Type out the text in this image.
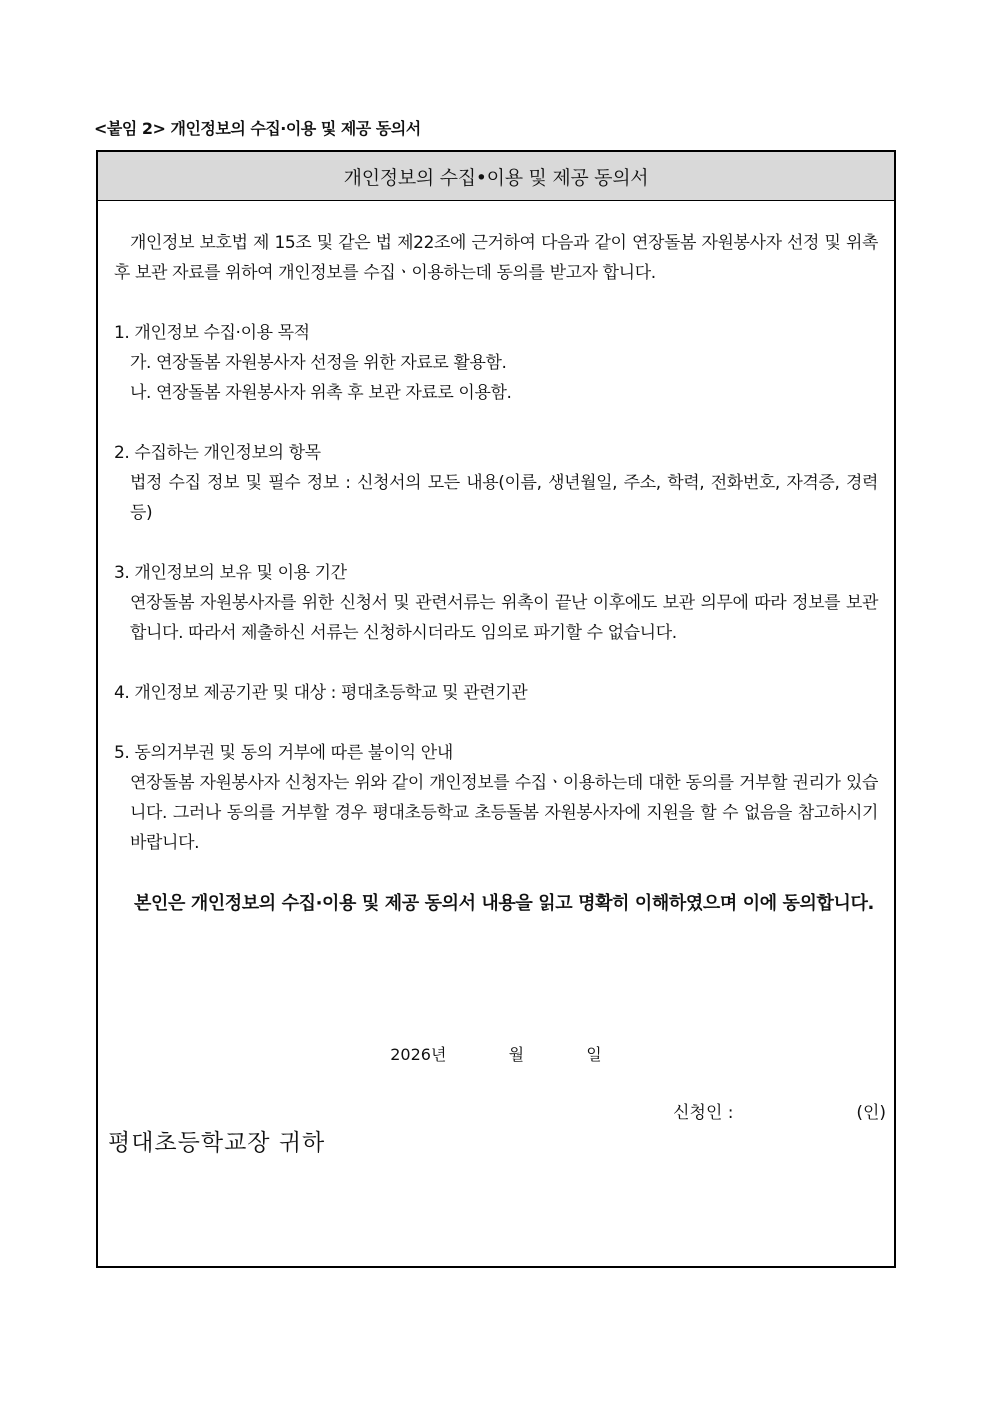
<붙임 2> 개인정보의 수집·이용 및 제공 동의서
개인정보의 수집•이용 및 제공 동의서

개인정보 보호법 제 15조 및 같은 법 제22조에 근거하여 다음과 같이 연장돌봄 자원봉사자 선정 및 위촉 후 보관 자료를 위하여 개인정보를 수집ㆍ이용하는데 동의를 받고자 합니다.

1. 개인정보 수집·이용 목적

가. 연장돌봄 자원봉사자 선정을 위한 자료로 활용함.

나. 연장돌봄 자원봉사자 위촉 후 보관 자료로 이용함.

2. 수집하는 개인정보의 항목

법정 수집 정보 및 필수 정보 : 신청서의 모든 내용(이름, 생년월일, 주소, 학력, 전화번호, 자격증, 경력 등)

3. 개인정보의 보유 및 이용 기간

연장돌봄 자원봉사자를 위한 신청서 및 관련서류는 위촉이 끝난 이후에도 보관 의무에 따라 정보를 보관합니다. 따라서 제출하신 서류는 신청하시더라도 임의로 파기할 수 없습니다.

4. 개인정보 제공기관 및 대상 : 평대초등학교 및 관련기관

5. 동의거부권 및 동의 거부에 따른 불이익 안내

연장돌봄 자원봉사자 신청자는 위와 같이 개인정보를 수집ㆍ이용하는데 대한 동의를 거부할 권리가 있습니다. 그러나 동의를 거부할 경우 평대초등학교 초등돌봄 자원봉사자에 지원을 할 수 없음을 참고하시기 바랍니다.

본인은 개인정보의 수집·이용 및 제공 동의서 내용을 읽고 명확히 이해하였으며 이에 동의합니다.

2026년	월	일
신청인 :	(인)
평대초등학교장 귀하
